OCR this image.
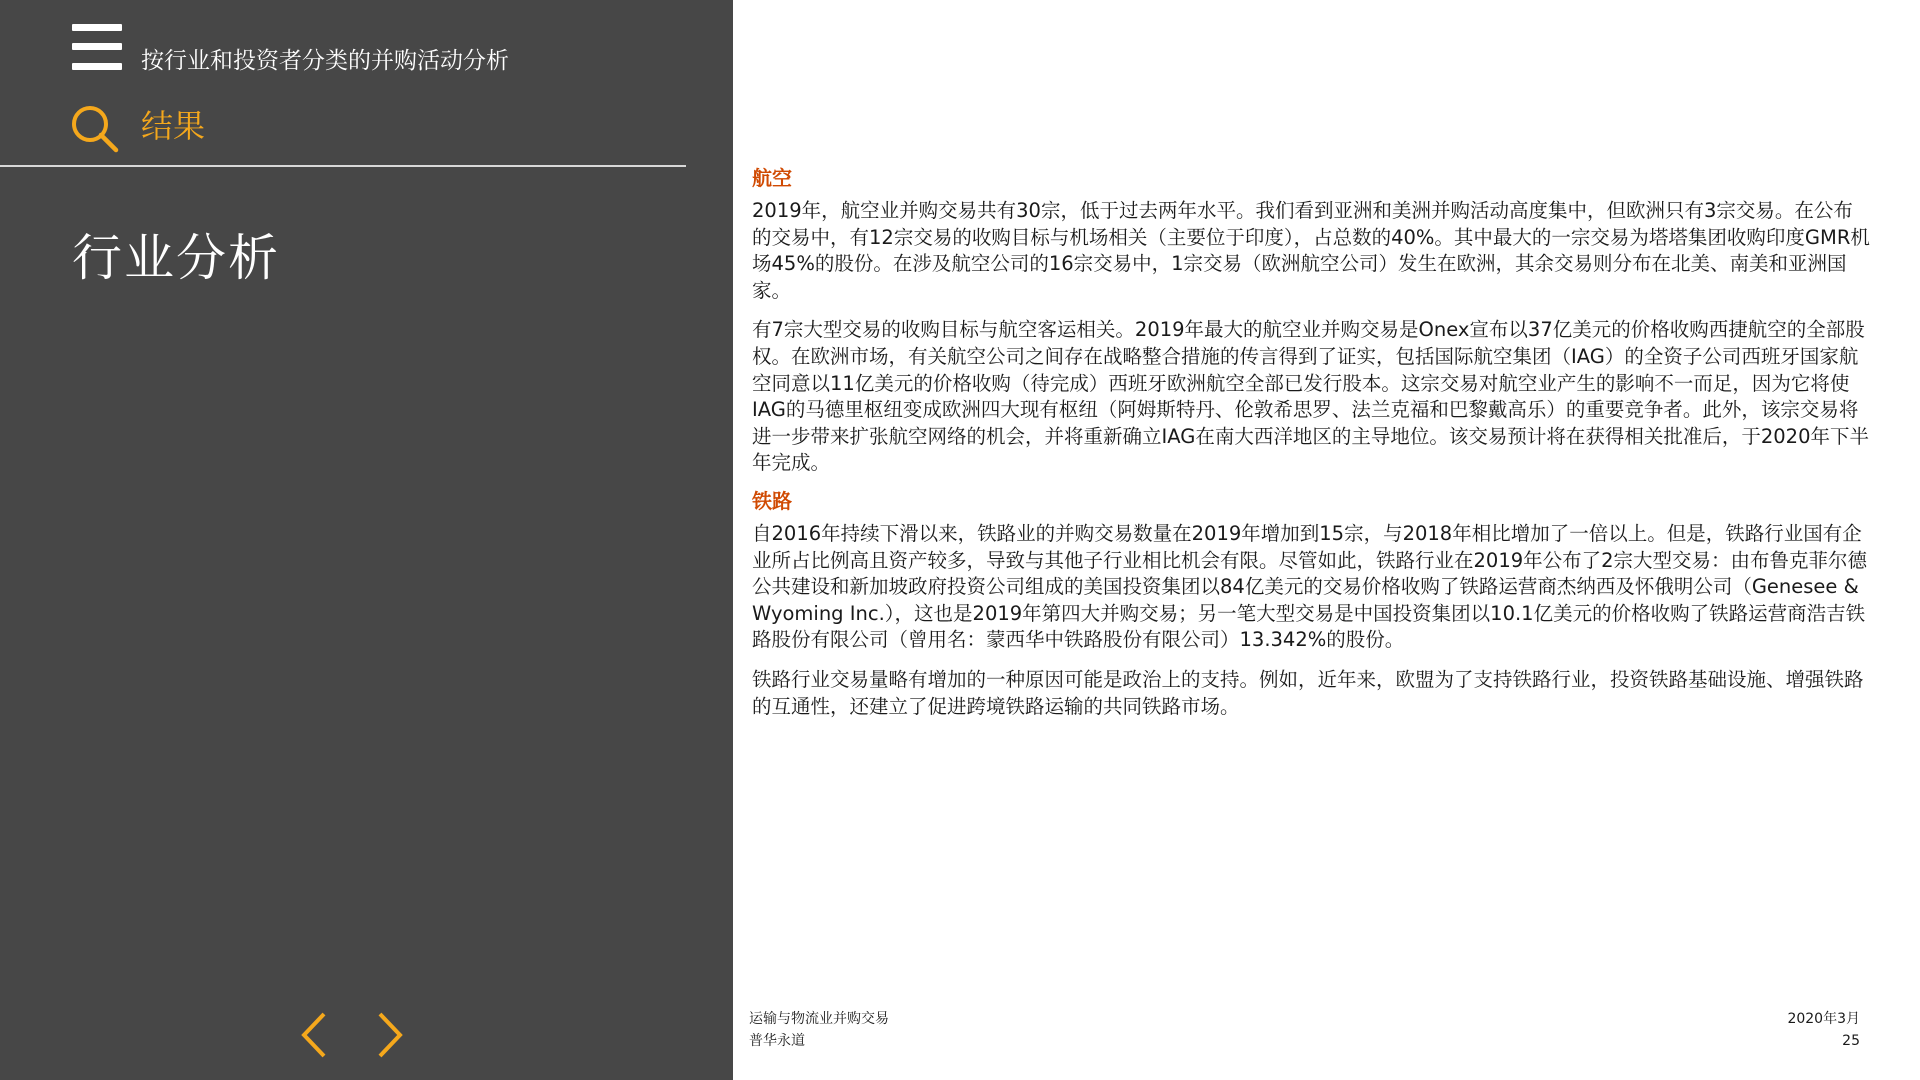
按行业和投资者分类的并购活动分析
结果
行业分析
航空

2019年，航空业并购交易共有30宗，低于过去两年水平。我们看到亚洲和美洲并购活动高度集中，但欧洲只有3宗交易。在公布的交易中，有12宗交易的收购目标与机场相关（主要位于印度），占总数的40%。其中最大的一宗交易为塔塔集团收购印度GMR机场45%的股份。在涉及航空公司的16宗交易中，1宗交易（欧洲航空公司）发生在欧洲，其余交易则分布在北美、南美和亚洲国家。

有7宗大型交易的收购目标与航空客运相关。2019年最大的航空业并购交易是Onex宣布以37亿美元的价格收购西捷航空的全部股权。在欧洲市场，有关航空公司之间存在战略整合措施的传言得到了证实，包括国际航空集团（IAG）的全资子公司西班牙国家航空同意以11亿美元的价格收购（待完成）西班牙欧洲航空全部已发行股本。这宗交易对航空业产生的影响不一而足，因为它将使IAG的马德里枢纽变成欧洲四大现有枢纽（阿姆斯特丹、伦敦希思罗、法兰克福和巴黎戴高乐）的重要竞争者。此外，该宗交易将进一步带来扩张航空网络的机会，并将重新确立IAG在南大西洋地区的主导地位。该交易预计将在获得相关批准后，于2020年下半年完成。

铁路

自2016年持续下滑以来，铁路业的并购交易数量在2019年增加到15宗，与2018年相比增加了一倍以上。但是，铁路行业国有企业所占比例高且资产较多，导致与其他子行业相比机会有限。尽管如此，铁路行业在2019年公布了2宗大型交易：由布鲁克菲尔德公共建设和新加坡政府投资公司组成的美国投资集团以84亿美元的交易价格收购了铁路运营商杰纳西及怀俄明公司（Genesee & Wyoming Inc.），这也是2019年第四大并购交易；另一笔大型交易是中国投资集团以10.1亿美元的价格收购了铁路运营商浩吉铁路股份有限公司（曾用名：蒙西华中铁路股份有限公司）13.342%的股份。

铁路行业交易量略有增加的一种原因可能是政治上的支持。例如，近年来，欧盟为了支持铁路行业，投资铁路基础设施、增强铁路的互通性，还建立了促进跨境铁路运输的共同铁路市场。

运输与物流业并购交易
普华永道
2020年3月
25
